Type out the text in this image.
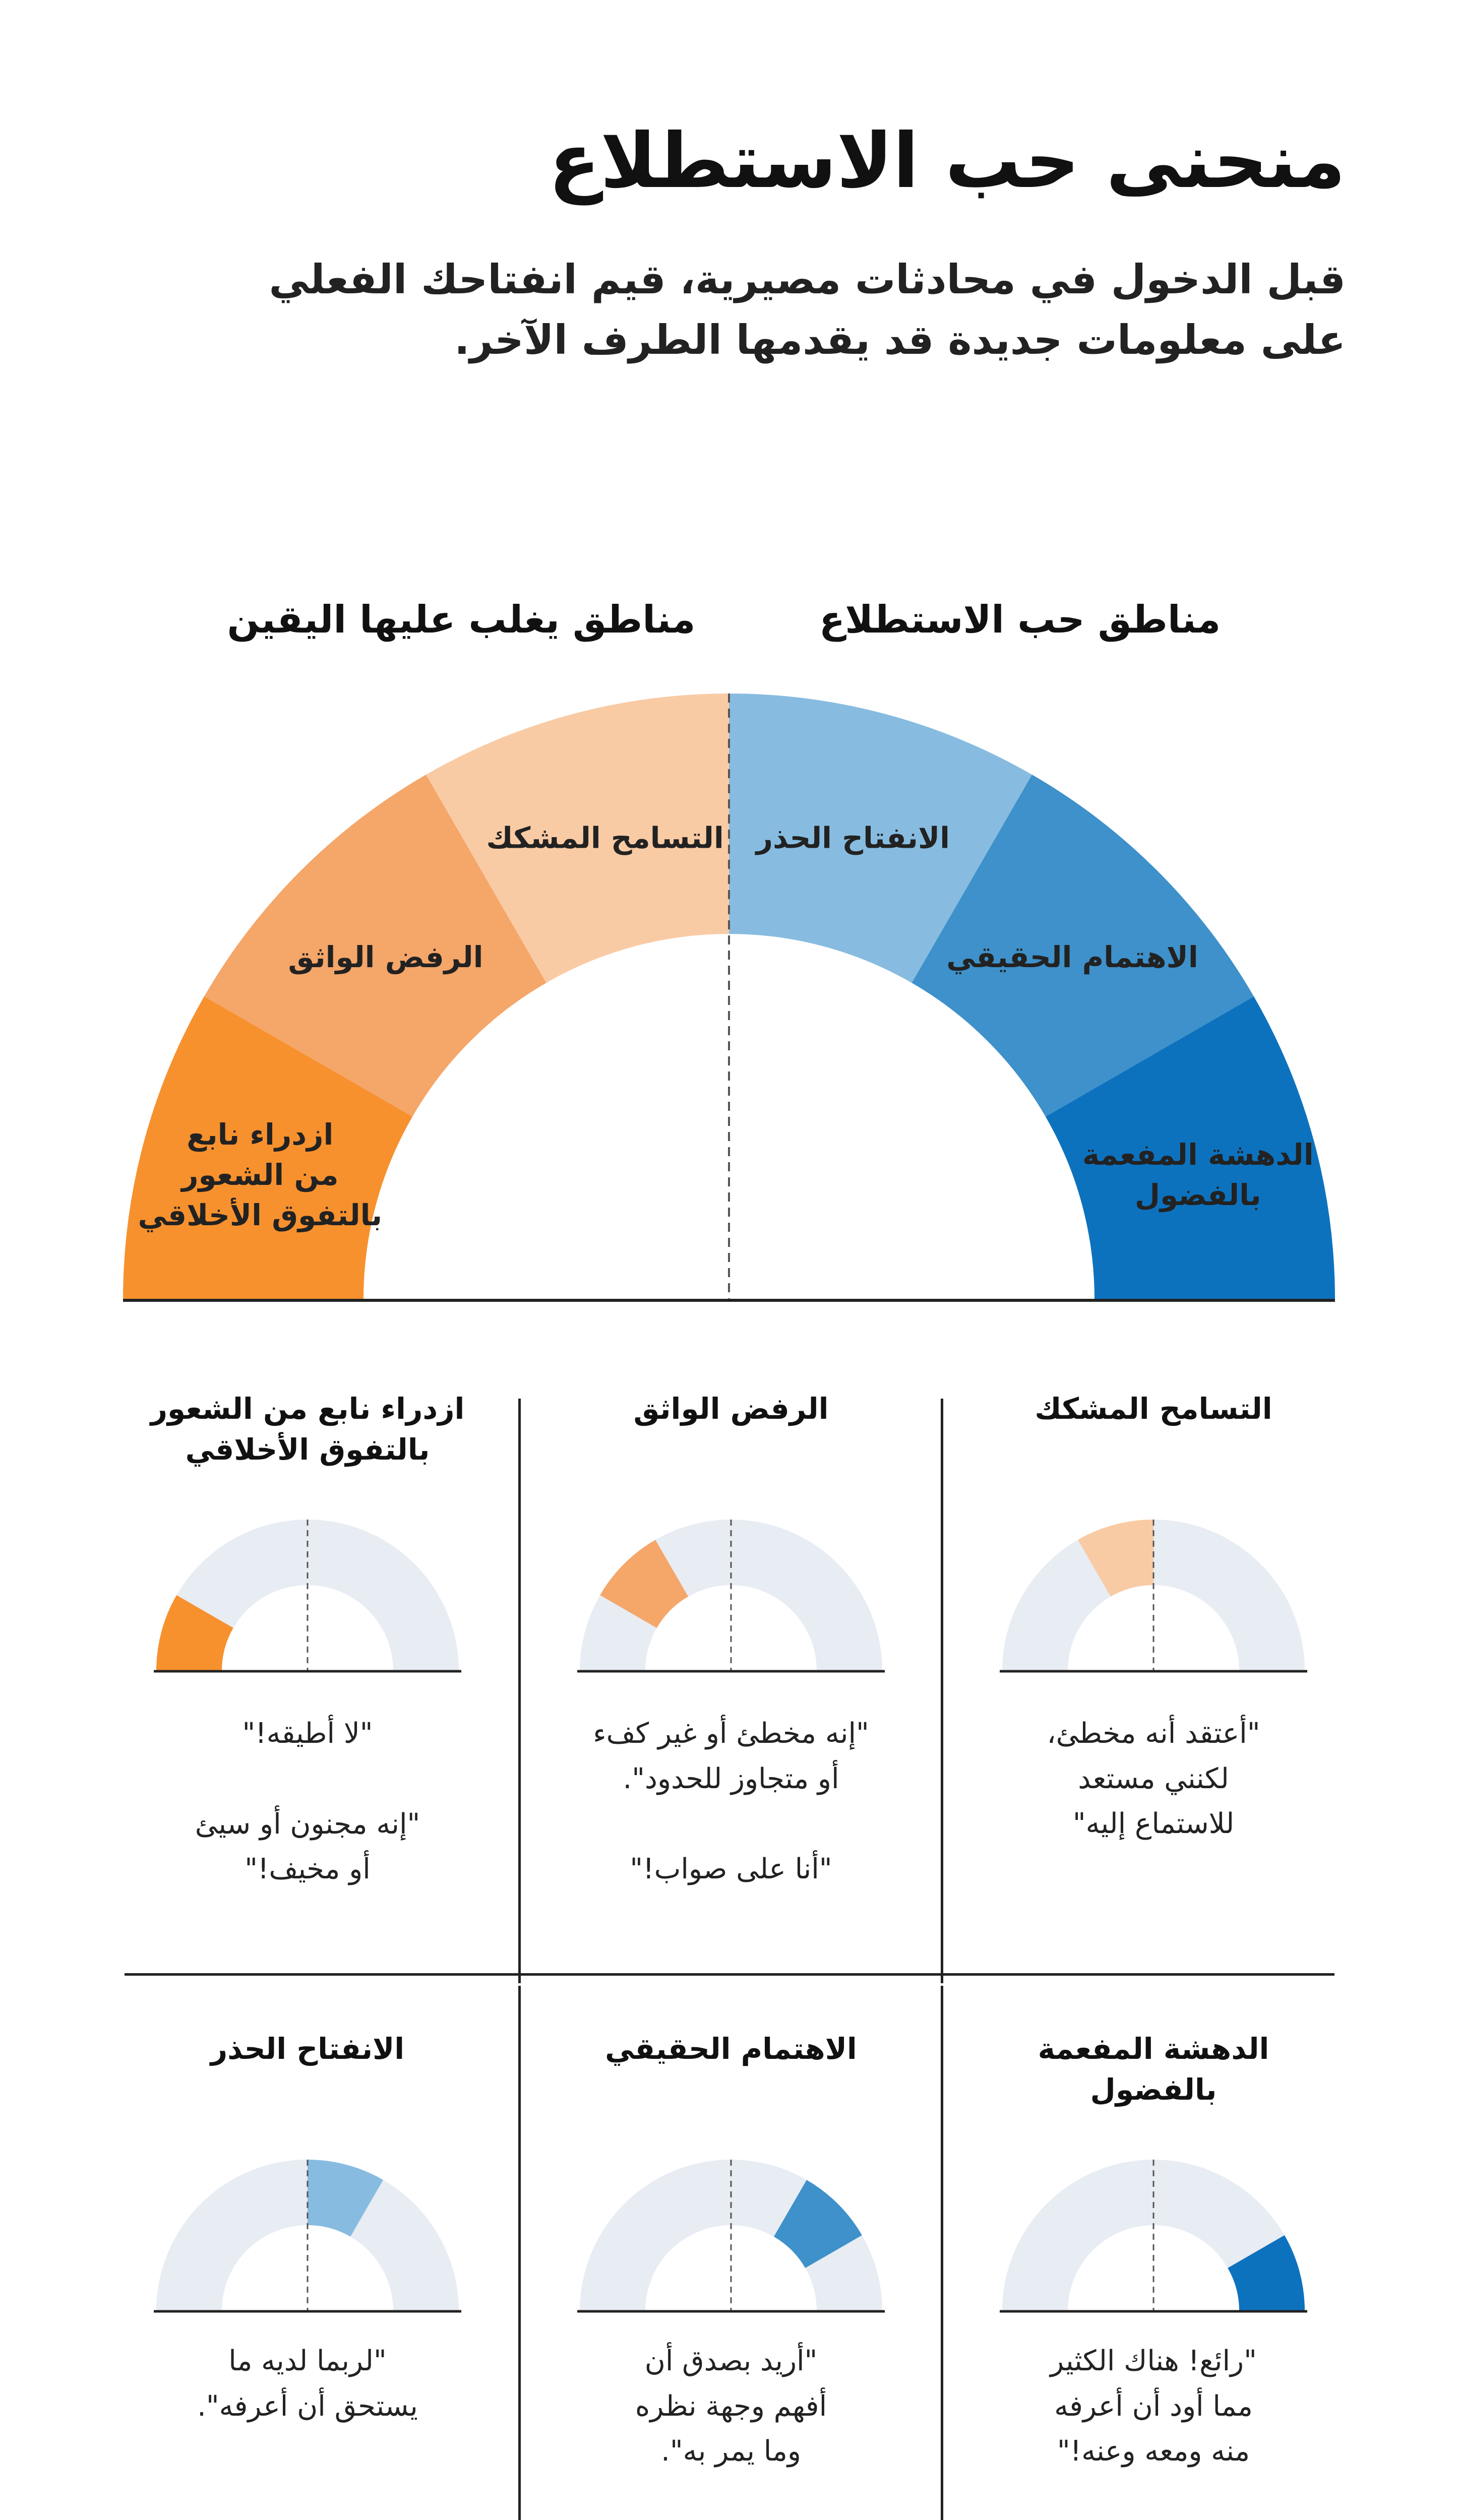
منحنى حب الاستطلاع

قبل الدخول في محادثات مصيرية، قيم انفتاحك الفعلي على معلومات جديدة قد يقدمها الطرف الآخر.

مناطق حب الاستطلاع
مناطق يغلب عليها اليقين
الدهشة المفعمة
بالفضول
الاهتمام الحقيقي
الانفتاح الحذر
التسامح المشكك
الرفض الواثق
ازدراء نابع
من الشعور
بالتفوق الأخلاقي
التسامح المشكك
"أعتقد أنه مخطئ،
لكنني مستعد
للاستماع إليه"
الرفض الواثق
"إنه مخطئ أو غير كفء
أو متجاوز للحدود".
"أنا على صواب!"
ازدراء نابع من الشعور
بالتفوق الأخلاقي
"لا أطيقه!"
"إنه مجنون أو سيئ
أو مخيف!"
الدهشة المفعمة
بالفضول
"رائع! هناك الكثير
مما أود أن أعرفه
منه ومعه وعنه!"
الاهتمام الحقيقي
"أريد بصدق أن
أفهم وجهة نظره
وما يمر به".
الانفتاح الحذر
"لربما لديه ما
يستحق أن أعرفه".
